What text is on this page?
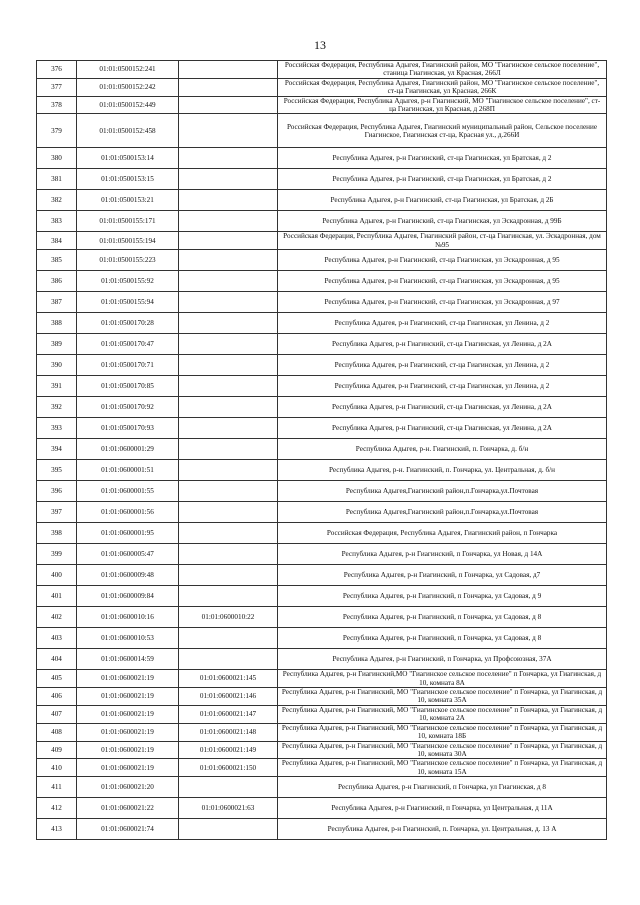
13
376	01:01:0500152:241		Российская Федерация, Республика Адыгея, Гиагинский район, МО "Гиагинское сельское поселение", станица Гиагинская, ул Красная, 266Л
377	01:01:0500152:242		Российская Федерация, Республика Адыгея, Гиагинский район, МО "Гиагинское сельское поселение", ст-ца Гиагинская, ул Красная, 266К
378	01:01:0500152:449		Российская Федерация, Республика Адыгея, р-н Гиагинский, МО "Гиагинское сельское поселение", ст-ца Гиагинская, ул Красная, д 268П
379	01:01:0500152:458		Российская Федерация, Республика Адыгея, Гиагинский муниципальный район, Сельское поселение Гиагинское, Гиагинская ст-ца, Красная ул., д.266И
380	01:01:0500153:14		Республика Адыгея, р-н Гиагинский, ст-ца Гиагинская, ул Братская, д 2
381	01:01:0500153:15		Республика Адыгея, р-н Гиагинский, ст-ца Гиагинская, ул Братская, д 2
382	01:01:0500153:21		Республика Адыгея, р-н Гиагинский, ст-ца Гиагинская, ул Братская, д 2Б
383	01:01:0500155:171		Республика Адыгея, р-н Гиагинский, ст-ца Гиагинская, ул Эскадронная, д 99Б
384	01:01:0500155:194		Российская Федерация, Республика Адыгея, Гиагинский район, ст-ца Гиагинская, ул. Эскадронная, дом №95
385	01:01:0500155:223		Республика Адыгея, р-н Гиагинский, ст-ца Гиагинская, ул Эскадронная, д 95
386	01:01:0500155:92		Республика Адыгея, р-н Гиагинский, ст-ца Гиагинская, ул Эскадронная, д 95
387	01:01:0500155:94		Республика Адыгея, р-н Гиагинский, ст-ца Гиагинская, ул Эскадронная, д 97
388	01:01:0500170:28		Республика Адыгея, р-н Гиагинский, ст-ца Гиагинская, ул Ленина, д 2
389	01:01:0500170:47		Республика Адыгея, р-н Гиагинский, ст-ца Гиагинская, ул Ленина, д 2А
390	01:01:0500170:71		Республика Адыгея, р-н Гиагинский, ст-ца Гиагинская, ул Ленина, д 2
391	01:01:0500170:85		Республика Адыгея, р-н Гиагинский, ст-ца Гиагинская, ул Ленина, д 2
392	01:01:0500170:92		Республика Адыгея, р-н Гиагинский, ст-ца Гиагинская, ул Ленина, д 2А
393	01:01:0500170:93		Республика Адыгея, р-н Гиагинский, ст-ца Гиагинская, ул Ленина, д 2А
394	01:01:0600001:29		Республика Адыгея, р-н. Гиагинский, п. Гончарка, д. б/н
395	01:01:0600001:51		Республика Адыгея, р-н. Гиагинский, п. Гончарка, ул. Центральная, д. б/н
396	01:01:0600001:55		Республика Адыгея,Гиагинский район,п.Гончарка,ул.Почтовая
397	01:01:0600001:56		Республика Адыгея,Гиагинский район,п.Гончарка,ул.Почтовая
398	01:01:0600001:95		Российская Федерация, Республика Адыгея, Гиагинский район, п Гончарка
399	01:01:0600005:47		Республика Адыгея, р-н Гиагинский, п Гончарка, ул Новая, д 14А
400	01:01:0600009:48		Республика Адыгея, р-н Гиагинский, п Гончарка, ул Садовая, д7
401	01:01:0600009:84		Республика Адыгея, р-н Гиагинский, п Гончарка, ул Садовая, д 9
402	01:01:0600010:16	01:01:0600010:22	Республика Адыгея, р-н Гиагинский, п Гончарка, ул Садовая, д 8
403	01:01:0600010:53		Республика Адыгея, р-н Гиагинский, п Гончарка, ул Садовая, д 8
404	01:01:0600014:59		Республика Адыгея, р-н Гиагинский, п Гончарка, ул Профсоюзная, 37А
405	01:01:0600021:19	01:01:0600021:145	Республика Адыгея, р-н Гиагинский,МО "Гиагинское сельское поселение" п Гончарка, ул Гиагинская, д 10, комната 8А
406	01:01:0600021:19	01:01:0600021:146	Республика Адыгея, р-н Гиагинский, МО "Гиагинское сельское поселение" п Гончарка, ул Гиагинская, д 10, комната 35А
407	01:01:0600021:19	01:01:0600021:147	Республика Адыгея, р-н Гиагинский, МО "Гиагинское сельское поселение" п Гончарка, ул Гиагинская, д 10, комната 2А
408	01:01:0600021:19	01:01:0600021:148	Республика Адыгея, р-н Гиагинский, МО "Гиагинское сельское поселение" п Гончарка, ул Гиагинская, д 10, комната 18Б
409	01:01:0600021:19	01:01:0600021:149	Республика Адыгея, р-н Гиагинский, МО "Гиагинское сельское поселение" п Гончарка, ул Гиагинская, д 10, комната 30А
410	01:01:0600021:19	01:01:0600021:150	Республика Адыгея, р-н Гиагинский, МО "Гиагинское сельское поселение" п Гончарка, ул Гиагинская, д 10, комната 15А
411	01:01:0600021:20		Республика Адыгея, р-н Гиагинский, п Гончарка, ул Гиагинская, д 8
412	01:01:0600021:22	01:01:0600021:63	Республика Адыгея, р-н Гиагинский, п Гончарка, ул Центральная, д 11А
413	01:01:0600021:74		Республика Адыгея, р-н Гиагинский, п. Гончарка, ул. Центральная, д. 13 А
